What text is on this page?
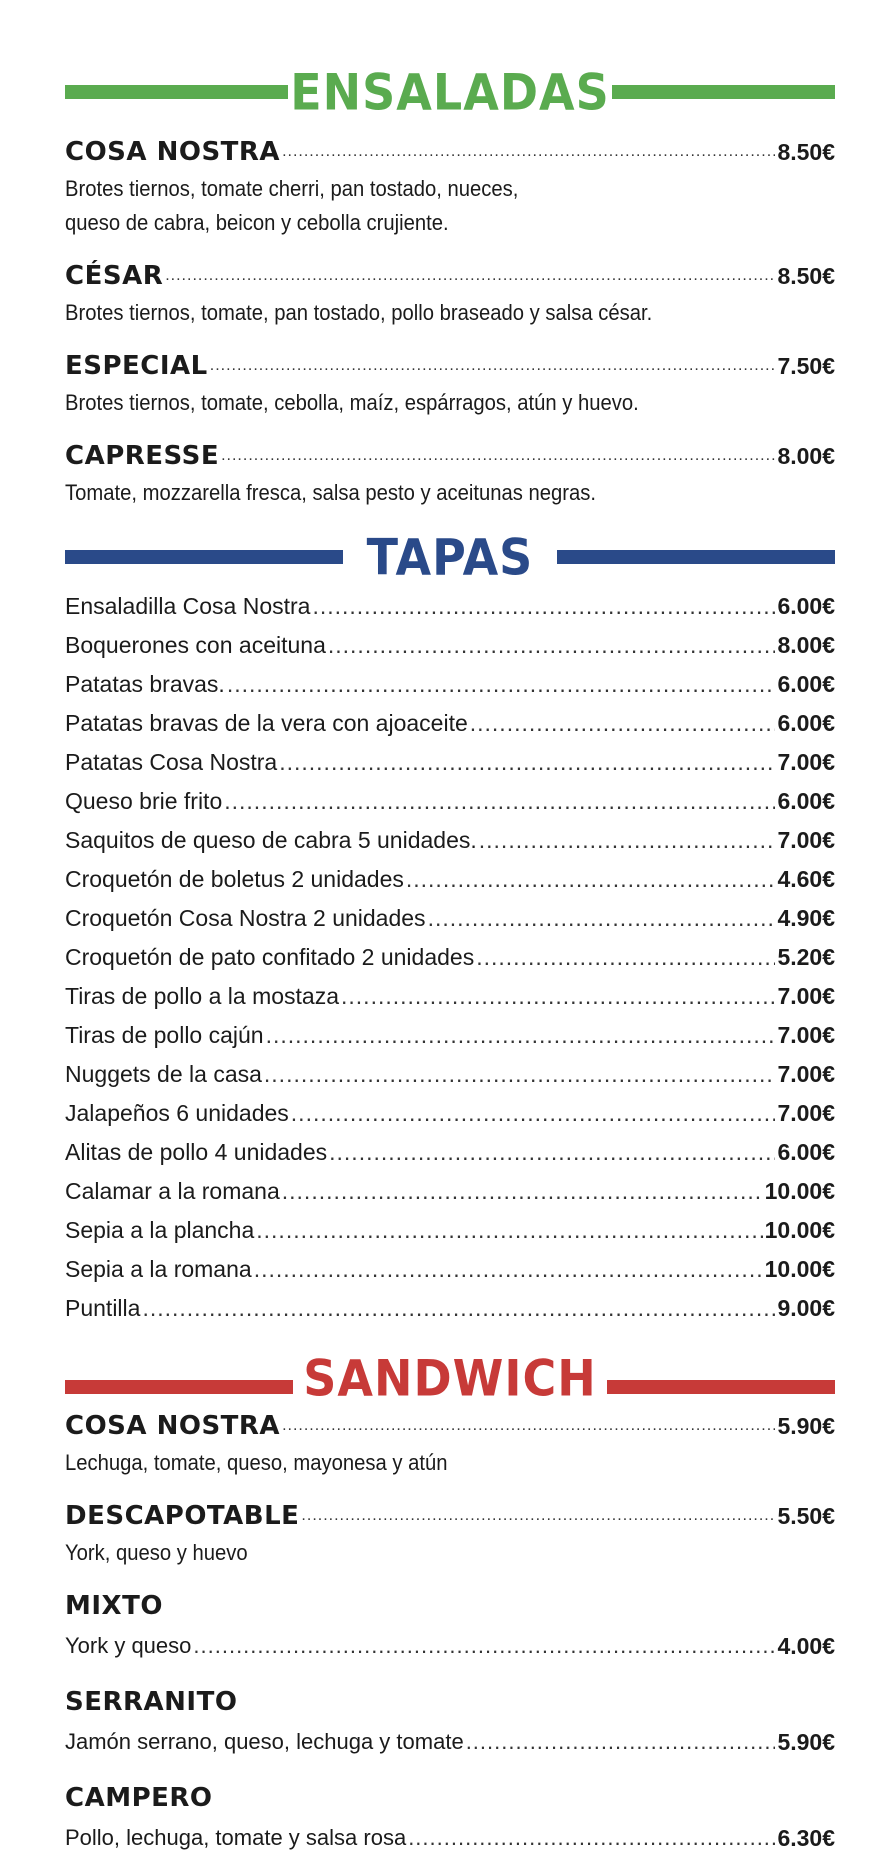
ENSALADAS
COSA NOSTRA .....	8.50€
Brotes tiernos, tomate cherri, pan tostado, nueces,
queso de cabra, beicon y cebolla crujiente.
CÉSAR .....	8.50€
Brotes tiernos, tomate, pan tostado, pollo braseado y salsa césar.
ESPECIAL .....	7.50€
Brotes tiernos, tomate, cebolla, maíz, espárragos, atún y huevo.
CAPRESSE .....	8.00€
Tomate, mozzarella fresca, salsa pesto y aceitunas negras.
TAPAS
Ensaladilla Cosa Nostra .....	6.00€
Boquerones con aceituna .....	8.00€
Patatas bravas. .....	6.00€
Patatas bravas de la vera con ajoaceite .....	6.00€
Patatas Cosa Nostra .....	7.00€
Queso brie frito .....	6.00€
Saquitos de queso de cabra 5 unidades. .....	7.00€
Croquetón de boletus 2 unidades .....	4.60€
Croquetón Cosa Nostra 2 unidades .....	4.90€
Croquetón de pato confitado 2 unidades .....	5.20€
Tiras de pollo a la mostaza .....	7.00€
Tiras de pollo cajún .....	7.00€
Nuggets de la casa .....	7.00€
Jalapeños 6 unidades .....	7.00€
Alitas de pollo 4 unidades .....	6.00€
Calamar a la romana .....	10.00€
Sepia a la plancha .....	10.00€
Sepia a la romana .....	10.00€
Puntilla .....	9.00€
SANDWICH
COSA NOSTRA .....	5.90€
Lechuga, tomate, queso, mayonesa y atún
DESCAPOTABLE .....	5.50€
York, queso y huevo
MIXTO
York y queso .....	4.00€
SERRANITO
Jamón serrano, queso, lechuga y tomate .....	5.90€
CAMPERO
Pollo, lechuga, tomate y salsa rosa .....	6.30€
